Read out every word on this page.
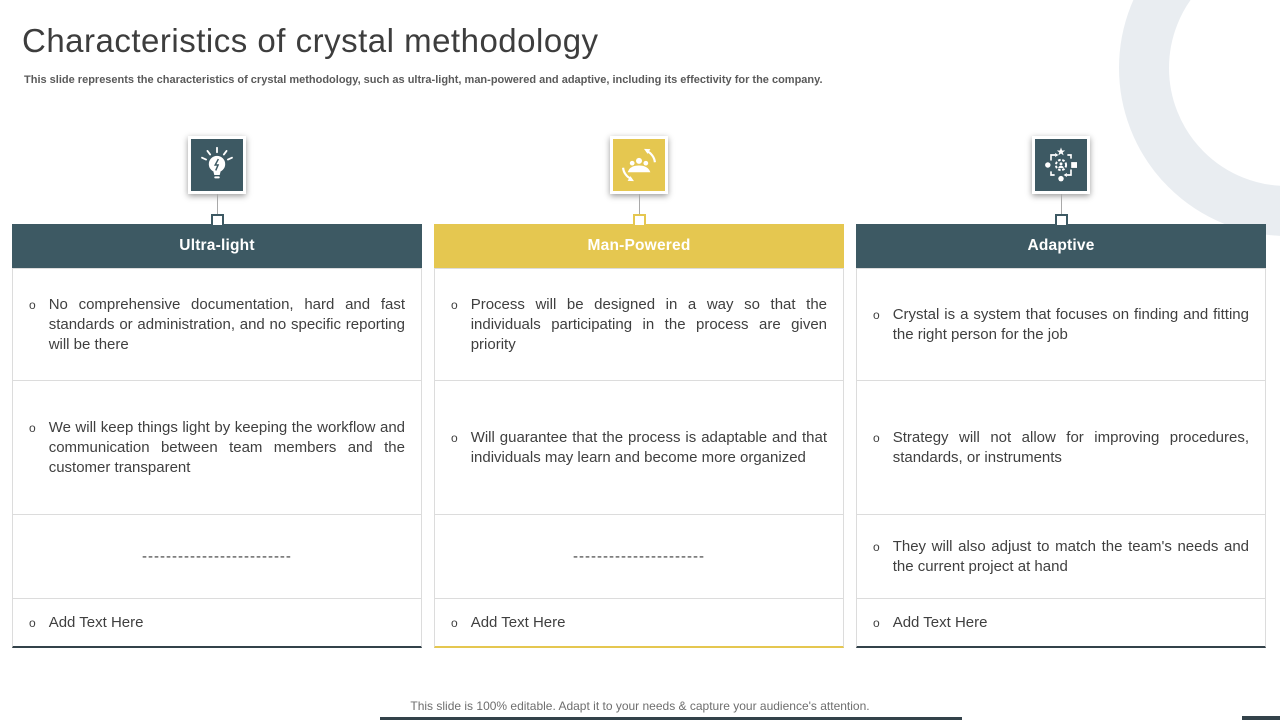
Characteristics of crystal methodology
This slide represents the characteristics of crystal methodology, such as ultra-light, man-powered and adaptive, including its effectivity for the company.
Ultra-light
o No comprehensive documentation, hard and fast standards or administration, and no specific reporting will be there
o We will keep things light by keeping the workflow and communication between team members and the customer transparent
-------------------------
o Add Text Here
Man-Powered
o Process will be designed in a way so that the individuals participating in the process are given priority
o Will guarantee that the process is adaptable and that individuals may learn and become more organized
----------------------
o Add Text Here
Adaptive
o Crystal is a system that focuses on finding and fitting the right person for the job
o Strategy will not allow for improving procedures, standards, or instruments
o They will also adjust to match the team's needs and the current project at hand
o Add Text Here
This slide is 100% editable. Adapt it to your needs & capture your audience's attention.
